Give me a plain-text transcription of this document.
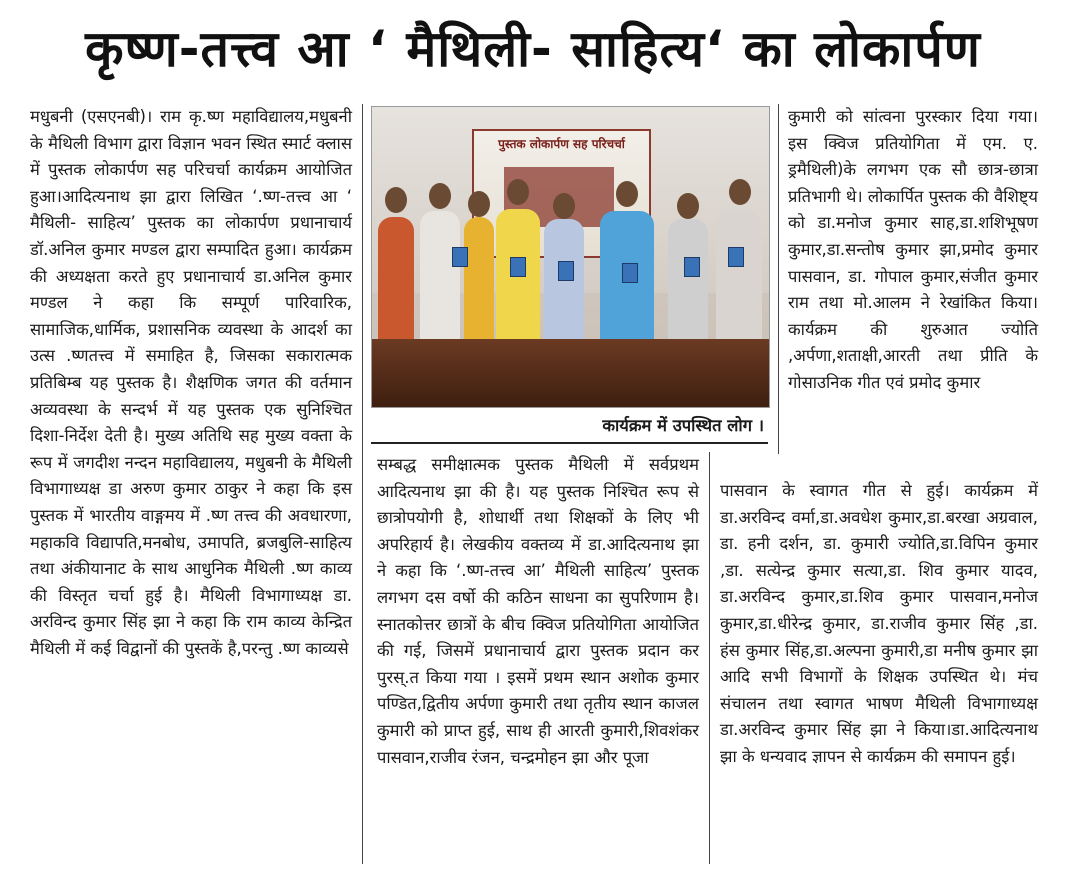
कृष्ण-तत्त्व आ ‘ मैथिली- साहित्य‘ का लोकार्पण

मधुबनी (एसएनबी)। राम कृ.ष्ण महाविद्यालय,मधुबनी के मैथिली विभाग द्वारा विज्ञान भवन स्थित स्मार्ट क्लास में पुस्तक लोकार्पण सह परिचर्चा कार्यक्रम आयोजित हुआ।आदित्यनाथ झा द्वारा लिखित ‘.ष्ण-तत्त्व आ ‘ मैथिली- साहित्य’ पुस्तक का लोकार्पण प्रधानाचार्य डॉ.अनिल कुमार मण्डल द्वारा सम्पादित हुआ। कार्यक्रम की अध्यक्षता करते हुए प्रधानाचार्य डा.अनिल कुमार मण्डल ने कहा कि सम्पूर्ण पारिवारिक, सामाजिक,धार्मिक, प्रशासनिक व्यवस्था के आदर्श का उत्स .ष्णतत्त्व में समाहित है, जिसका सकारात्मक प्रतिबिम्ब यह पुस्तक है। शैक्षणिक जगत की वर्तमान अव्यवस्था के सन्दर्भ में यह पुस्तक एक सुनिश्चित दिशा-निर्देश देती है। मुख्य अतिथि सह मुख्य वक्ता के रूप में जगदीश नन्दन महाविद्यालय, मधुबनी के मैथिली विभागाध्यक्ष डा अरुण कुमार ठाकुर ने कहा कि इस पुस्तक में भारतीय वाङ्गमय में .ष्ण तत्त्व की अवधारणा, महाकवि विद्यापति,मनबोध, उमापति, ब्रजबुलि-साहित्य तथा अंकीयानाट के साथ आधुनिक मैथिली .ष्ण काव्य की विस्तृत चर्चा हुई है। मैथिली विभागाध्यक्ष डा. अरविन्द कुमार सिंह झा ने कहा कि राम काव्य केन्द्रित मैथिली में कई विद्वानों की पुस्तकें है,परन्तु .ष्ण काव्यसे

पुस्तक लोकार्पण सह परिचर्चा
कार्यक्रम में उपस्थित लोग ।

सम्बद्ध समीक्षात्मक पुस्तक मैथिली में सर्वप्रथम आदित्यनाथ झा की है। यह पुस्तक निश्चित रूप से छात्रोपयोगी है, शोधार्थी तथा शिक्षकों के लिए भी अपरिहार्य है। लेखकीय वक्तव्य में डा.आदित्यनाथ झा ने कहा कि ‘.ष्ण-तत्त्व आ’ मैथिली साहित्य’ पुस्तक लगभग दस वर्षो की कठिन साधना का सुपरिणाम है। स्नातकोत्तर छात्रों के बीच क्विज प्रतियोगिता आयोजित की गई, जिसमें प्रधानाचार्य द्वारा पुस्तक प्रदान कर पुरस्.त किया गया । इसमें प्रथम स्थान अशोक कुमार पण्डित,द्वितीय अर्पणा कुमारी तथा तृतीय स्थान काजल कुमारी को प्राप्त हुई, साथ ही आरती कुमारी,शिवशंकर पासवान,राजीव रंजन, चन्द्रमोहन झा और पूजा

कुमारी को सांत्वना पुरस्कार दिया गया। इस क्विज प्रतियोगिता में एम. ए. ड्रमैथिली)के लगभग एक सौ छात्र-छात्रा प्रतिभागी थे। लोकार्पित पुस्तक की वैशिष्ट्य को डा.मनोज कुमार साह,डा.शशिभूषण कुमार,डा.सन्तोष कुमार झा,प्रमोद कुमार पासवान, डा. गोपाल कुमार,संजीत कुमार राम तथा मो.आलम ने रेखांकित किया। कार्यक्रम की शुरुआत ज्योति ,अर्पणा,शताक्षी,आरती तथा प्रीति के गोसाउनिक गीत एवं प्रमोद कुमार

पासवान के स्वागत गीत से हुई। कार्यक्रम में डा.अरविन्द वर्मा,डा.अवधेश कुमार,डा.बरखा अग्रवाल, डा. हनी दर्शन, डा. कुमारी ज्योति,डा.विपिन कुमार ,डा. सत्येन्द्र कुमार सत्या,डा. शिव कुमार यादव, डा.अरविन्द कुमार,डा.शिव कुमार पासवान,मनोज कुमार,डा.धीरेन्द्र कुमार, डा.राजीव कुमार सिंह ,डा. हंस कुमार सिंह,डा.अल्पना कुमारी,डा मनीष कुमार झा आदि सभी विभागों के शिक्षक उपस्थित थे। मंच संचालन तथा स्वागत भाषण मैथिली विभागाध्यक्ष डा.अरविन्द कुमार सिंह झा ने किया।डा.आदित्यनाथ झा के धन्यवाद ज्ञापन से कार्यक्रम की समापन हुई।
